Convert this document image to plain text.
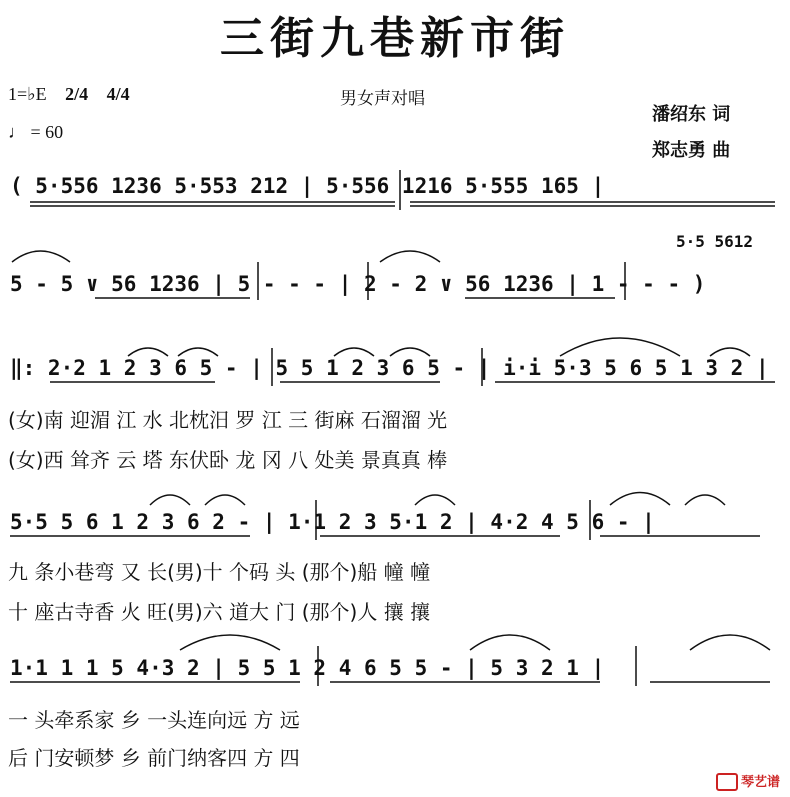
三街九巷新市街
1=♭E 2/4 4/4
♩ = 60
男女声对唱
潘绍东 词
郑志勇 曲
( 5·556 1236 5·553 212 | 5·556 1216 5·555 165 |
5·5 5612
5 - 5 ∨ 56 1236 | 5 - - - | 2 - 2 ∨ 56 1236 | 1 - - - )
‖: 2·2 1 2 3 6 5 - | 5 5 1 2 3 6 5 - | i·i 5·3 5 6 5 1 3 2 |
(女)南 迎湄 江 水 北枕汨 罗 江 三 街麻 石溜溜 光
(女)西 耸齐 云 塔 东伏卧 龙 冈 八 处美 景真真 棒
5·5 5 6 1 2 3 6 2 - | 1·1 2 3 5·1 2 | 4·2 4 5 6 - |
九 条小巷弯 又 长(男)十 个码 头 (那个)船 幢 幢
十 座古寺香 火 旺(男)六 道大 门 (那个)人 攘 攘
1·1 1 1 5 4·3 2 | 5 5 1 2 4 6 5 5 - | 5 3 2 1 |
一 头牵系家 乡 一头连向远 方 远
后 门安顿梦 乡 前门纳客四 方 四
琴艺谱
